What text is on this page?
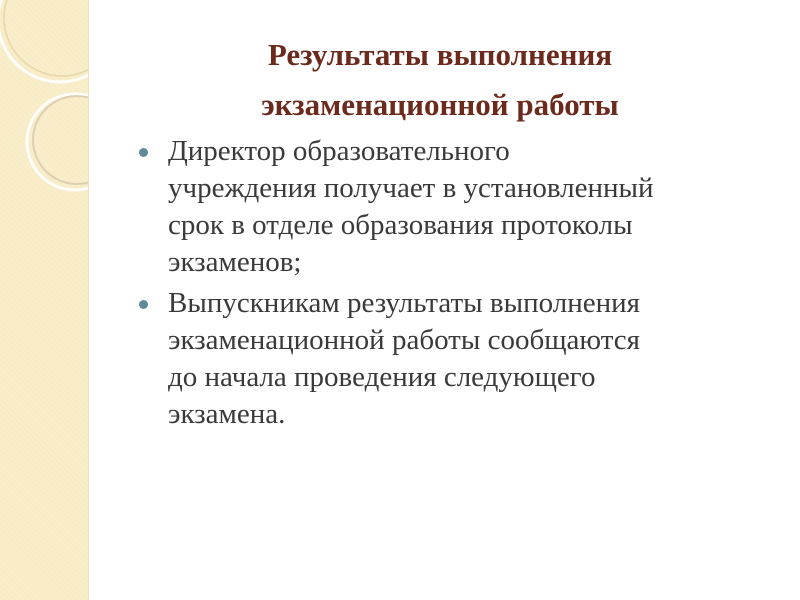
Результаты выполнения
экзаменационной работы
Директор образовательного
учреждения получает в установленный
срок в отделе образования протоколы
экзаменов;
Выпускникам результаты выполнения
экзаменационной работы сообщаются
до начала проведения следующего
экзамена.
